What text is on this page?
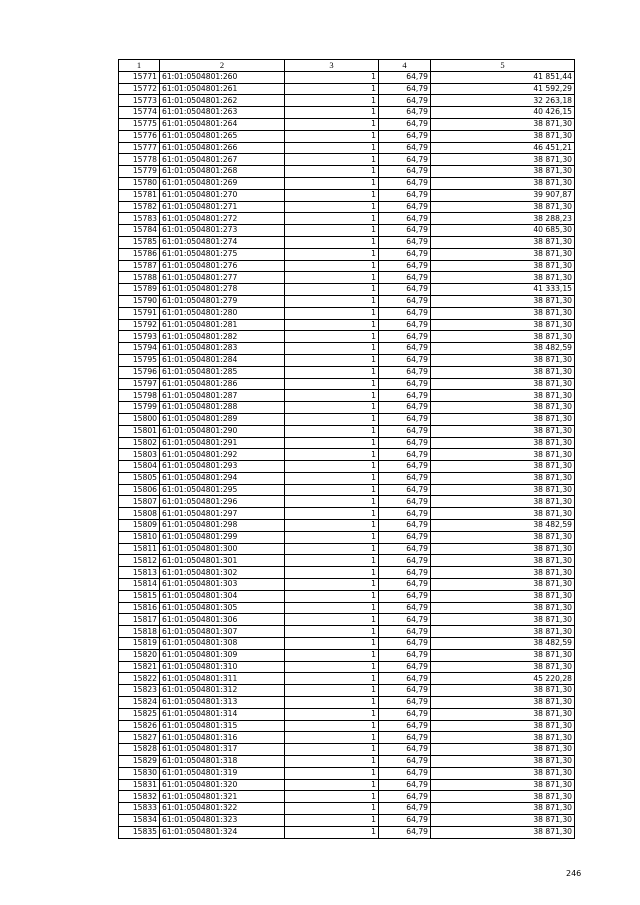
1	2	3	4	5
15771	61:01:0504801:260	1	64,79	41 851,44
15772	61:01:0504801:261	1	64,79	41 592,29
15773	61:01:0504801:262	1	64,79	32 263,18
15774	61:01:0504801:263	1	64,79	40 426,15
15775	61:01:0504801:264	1	64,79	38 871,30
15776	61:01:0504801:265	1	64,79	38 871,30
15777	61:01:0504801:266	1	64,79	46 451,21
15778	61:01:0504801:267	1	64,79	38 871,30
15779	61:01:0504801:268	1	64,79	38 871,30
15780	61:01:0504801:269	1	64,79	38 871,30
15781	61:01:0504801:270	1	64,79	39 907,87
15782	61:01:0504801:271	1	64,79	38 871,30
15783	61:01:0504801:272	1	64,79	38 288,23
15784	61:01:0504801:273	1	64,79	40 685,30
15785	61:01:0504801:274	1	64,79	38 871,30
15786	61:01:0504801:275	1	64,79	38 871,30
15787	61:01:0504801:276	1	64,79	38 871,30
15788	61:01:0504801:277	1	64,79	38 871,30
15789	61:01:0504801:278	1	64,79	41 333,15
15790	61:01:0504801:279	1	64,79	38 871,30
15791	61:01:0504801:280	1	64,79	38 871,30
15792	61:01:0504801:281	1	64,79	38 871,30
15793	61:01:0504801:282	1	64,79	38 871,30
15794	61:01:0504801:283	1	64,79	38 482,59
15795	61:01:0504801:284	1	64,79	38 871,30
15796	61:01:0504801:285	1	64,79	38 871,30
15797	61:01:0504801:286	1	64,79	38 871,30
15798	61:01:0504801:287	1	64,79	38 871,30
15799	61:01:0504801:288	1	64,79	38 871,30
15800	61:01:0504801:289	1	64,79	38 871,30
15801	61:01:0504801:290	1	64,79	38 871,30
15802	61:01:0504801:291	1	64,79	38 871,30
15803	61:01:0504801:292	1	64,79	38 871,30
15804	61:01:0504801:293	1	64,79	38 871,30
15805	61:01:0504801:294	1	64,79	38 871,30
15806	61:01:0504801:295	1	64,79	38 871,30
15807	61:01:0504801:296	1	64,79	38 871,30
15808	61:01:0504801:297	1	64,79	38 871,30
15809	61:01:0504801:298	1	64,79	38 482,59
15810	61:01:0504801:299	1	64,79	38 871,30
15811	61:01:0504801:300	1	64,79	38 871,30
15812	61:01:0504801:301	1	64,79	38 871,30
15813	61:01:0504801:302	1	64,79	38 871,30
15814	61:01:0504801:303	1	64,79	38 871,30
15815	61:01:0504801:304	1	64,79	38 871,30
15816	61:01:0504801:305	1	64,79	38 871,30
15817	61:01:0504801:306	1	64,79	38 871,30
15818	61:01:0504801:307	1	64,79	38 871,30
15819	61:01:0504801:308	1	64,79	38 482,59
15820	61:01:0504801:309	1	64,79	38 871,30
15821	61:01:0504801:310	1	64,79	38 871,30
15822	61:01:0504801:311	1	64,79	45 220,28
15823	61:01:0504801:312	1	64,79	38 871,30
15824	61:01:0504801:313	1	64,79	38 871,30
15825	61:01:0504801:314	1	64,79	38 871,30
15826	61:01:0504801:315	1	64,79	38 871,30
15827	61:01:0504801:316	1	64,79	38 871,30
15828	61:01:0504801:317	1	64,79	38 871,30
15829	61:01:0504801:318	1	64,79	38 871,30
15830	61:01:0504801:319	1	64,79	38 871,30
15831	61:01:0504801:320	1	64,79	38 871,30
15832	61:01:0504801:321	1	64,79	38 871,30
15833	61:01:0504801:322	1	64,79	38 871,30
15834	61:01:0504801:323	1	64,79	38 871,30
15835	61:01:0504801:324	1	64,79	38 871,30
246
